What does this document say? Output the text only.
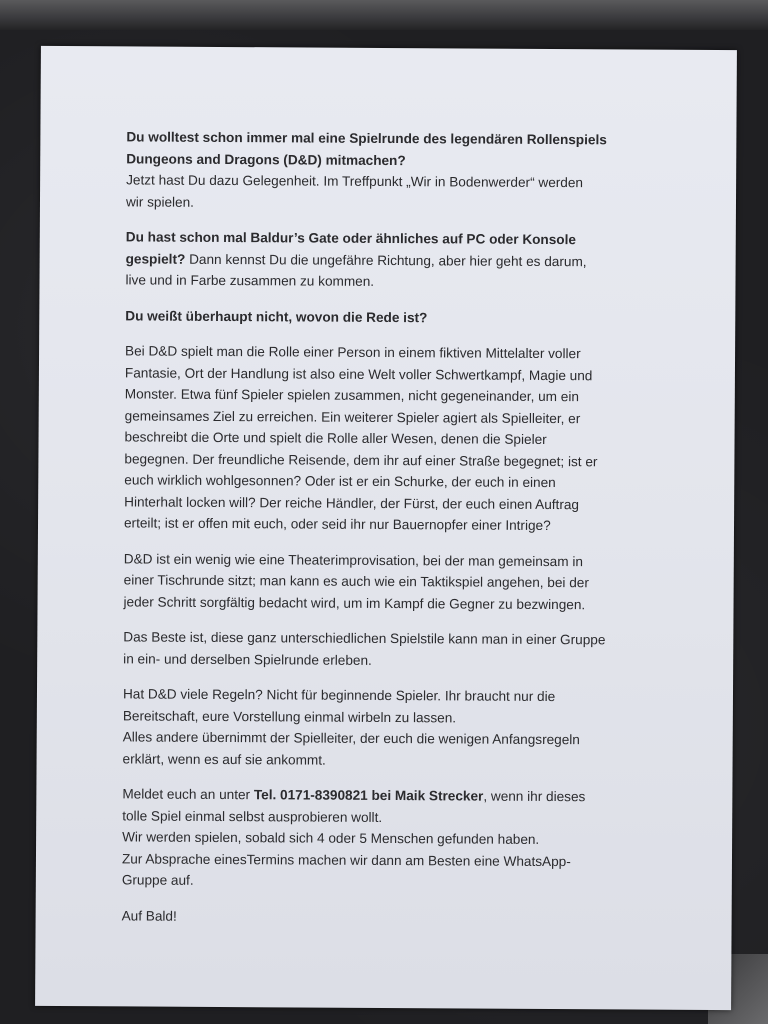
Du wolltest schon immer mal eine Spielrunde des legendären Rollenspiels
Dungeons and Dragons (D&D) mitmachen?
Jetzt hast Du dazu Gelegenheit. Im Treffpunkt „Wir in Bodenwerder“ werden
wir spielen.

Du hast schon mal Baldur’s Gate oder ähnliches auf PC oder Konsole
gespielt? Dann kennst Du die ungefähre Richtung, aber hier geht es darum,
live und in Farbe zusammen zu kommen.

Du weißt überhaupt nicht, wovon die Rede ist?

Bei D&D spielt man die Rolle einer Person in einem fiktiven Mittelalter voller
Fantasie, Ort der Handlung ist also eine Welt voller Schwertkampf, Magie und
Monster. Etwa fünf Spieler spielen zusammen, nicht gegeneinander, um ein
gemeinsames Ziel zu erreichen. Ein weiterer Spieler agiert als Spielleiter, er
beschreibt die Orte und spielt die Rolle aller Wesen, denen die Spieler
begegnen. Der freundliche Reisende, dem ihr auf einer Straße begegnet; ist er
euch wirklich wohlgesonnen? Oder ist er ein Schurke, der euch in einen
Hinterhalt locken will? Der reiche Händler, der Fürst, der euch einen Auftrag
erteilt; ist er offen mit euch, oder seid ihr nur Bauernopfer einer Intrige?

D&D ist ein wenig wie eine Theaterimprovisation, bei der man gemeinsam in
einer Tischrunde sitzt; man kann es auch wie ein Taktikspiel angehen, bei der
jeder Schritt sorgfältig bedacht wird, um im Kampf die Gegner zu bezwingen.

Das Beste ist, diese ganz unterschiedlichen Spielstile kann man in einer Gruppe
in ein- und derselben Spielrunde erleben.

Hat D&D viele Regeln? Nicht für beginnende Spieler. Ihr braucht nur die
Bereitschaft, eure Vorstellung einmal wirbeln zu lassen.
Alles andere übernimmt der Spielleiter, der euch die wenigen Anfangsregeln
erklärt, wenn es auf sie ankommt.

Meldet euch an unter Tel. 0171-8390821 bei Maik Strecker, wenn ihr dieses
tolle Spiel einmal selbst ausprobieren wollt.
Wir werden spielen, sobald sich 4 oder 5 Menschen gefunden haben.
Zur Absprache einesTermins machen wir dann am Besten eine WhatsApp-
Gruppe auf.

Auf Bald!
